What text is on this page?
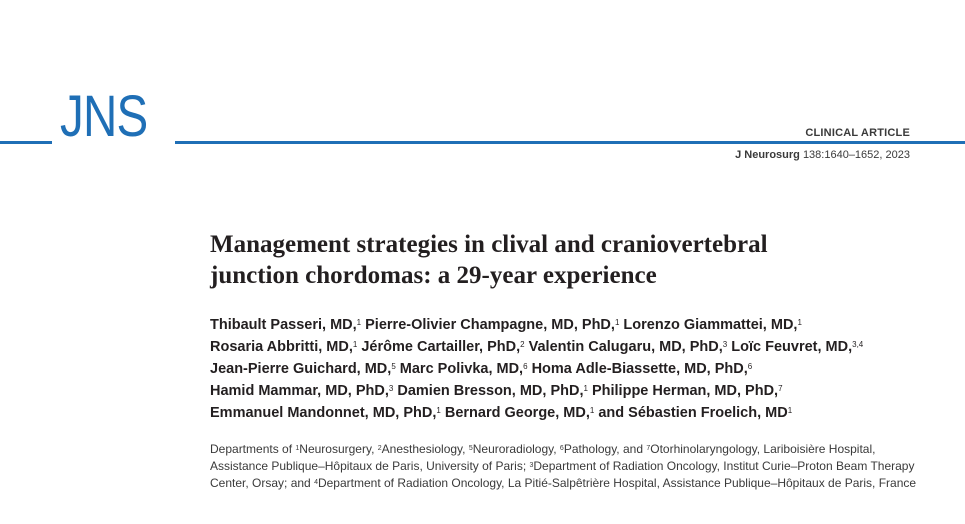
JNS	CLINICAL ARTICLE
J Neurosurg 138:1640–1652, 2023
Management strategies in clival and craniovertebral
junction chordomas: a 29-year experience
Thibault Passeri, MD,$^1$ Pierre-Olivier Champagne, MD, PhD,$^1$ Lorenzo Giammattei, MD,$^1$
Rosaria Abbritti, MD,$^1$ Jérôme Cartailler, PhD,$^2$ Valentin Calugaru, MD, PhD,$^3$ Loïc Feuvret, MD,$^{3,4}$
Jean-Pierre Guichard, MD,$^5$ Marc Polivka, MD,$^6$ Homa Adle-Biassette, MD, PhD,$^6$
Hamid Mammar, MD, PhD,$^3$ Damien Bresson, MD, PhD,$^1$ Philippe Herman, MD, PhD,$^7$
Emmanuel Mandonnet, MD, PhD,$^1$ Bernard George, MD,$^1$ and Sébastien Froelich, $MD^1$
Departments of $^1$Neurosurgery, $^2$Anesthesiology, $^5$Neuroradiology, $^6$Pathology, and $^7$Otorhinolaryngology, Lariboisière Hospital, Assistance Publique–Hôpitaux de Paris, University of Paris; $^3$Department of Radiation Oncology, Institut Curie–Proton Beam Therapy Center, Orsay; and $^4$Department of Radiation Oncology, La Pitié-Salpêtrière Hospital, Assistance Publique–Hôpitaux de Paris, France
